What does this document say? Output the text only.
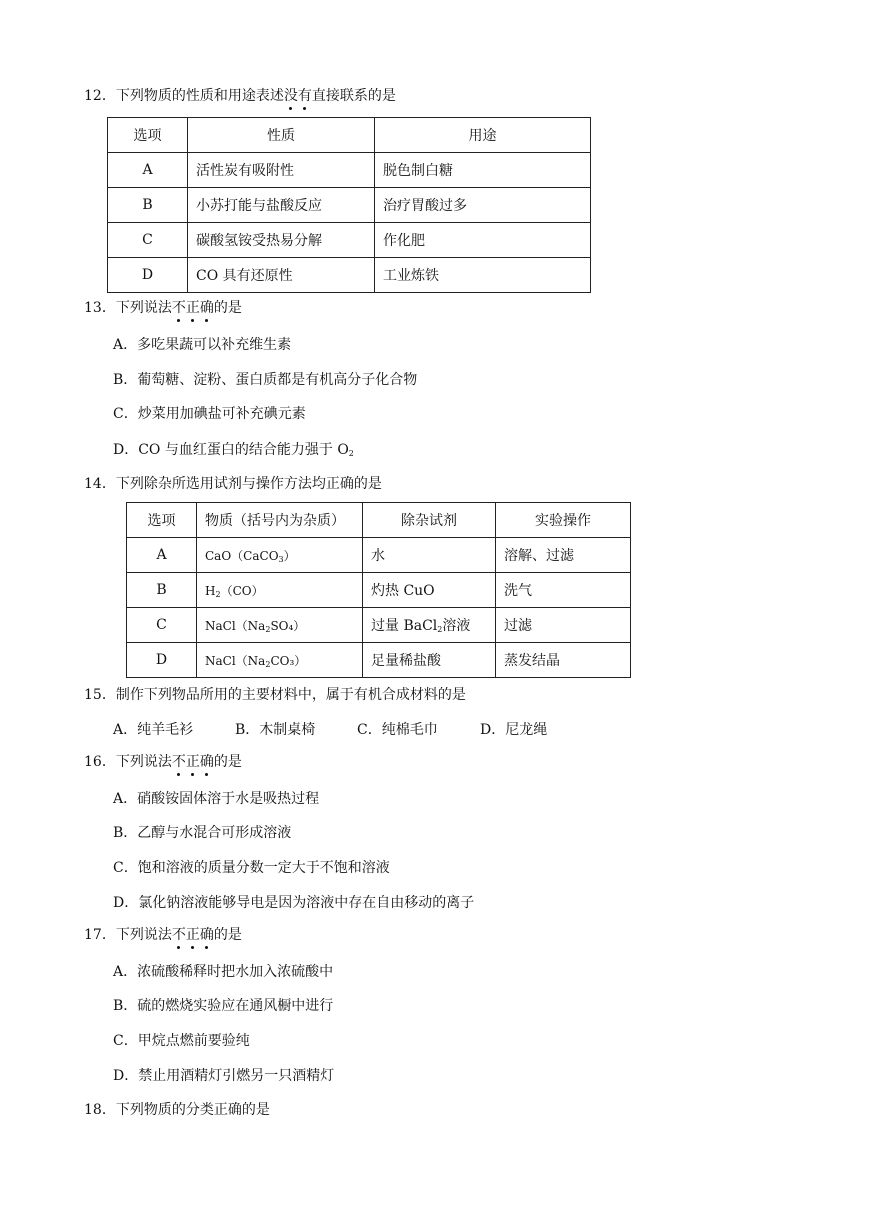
12．下列物质的性质和用途表述没有直接联系的是
选项	性质	用途
A	活性炭有吸附性	脱色制白糖
B	小苏打能与盐酸反应	治疗胃酸过多
C	碳酸氢铵受热易分解	作化肥
D	CO 具有还原性	工业炼铁
13．下列说法不正确的是
A．多吃果蔬可以补充维生素
B．葡萄糖、淀粉、蛋白质都是有机高分子化合物
C．炒菜用加碘盐可补充碘元素
D．CO 与血红蛋白的结合能力强于 $O_2$
14．下列除杂所选用试剂与操作方法均正确的是
选项	物质（括号内为杂质）	除杂试剂	实验操作
A	CaO（CaCO$_3$）	水	溶解、过滤
B	$H_2(CO)$	灼热 CuO	洗气
C	$NaCl(Na_2SO_4)$	过量 BaCl$_2$溶液	过滤
D	$NaCl(Na_2CO_3)$	足量稀盐酸	蒸发结晶
15．制作下列物品所用的主要材料中，属于有机合成材料的是
A．纯羊毛衫	B．木制桌椅	C．纯棉毛巾	D．尼龙绳
16．下列说法不正确的是
A．硝酸铵固体溶于水是吸热过程
B．乙醇与水混合可形成溶液
C．饱和溶液的质量分数一定大于不饱和溶液
D．氯化钠溶液能够导电是因为溶液中存在自由移动的离子
17．下列说法不正确的是
A．浓硫酸稀释时把水加入浓硫酸中
B．硫的燃烧实验应在通风橱中进行
C．甲烷点燃前要验纯
D．禁止用酒精灯引燃另一只酒精灯
18．下列物质的分类正确的是
